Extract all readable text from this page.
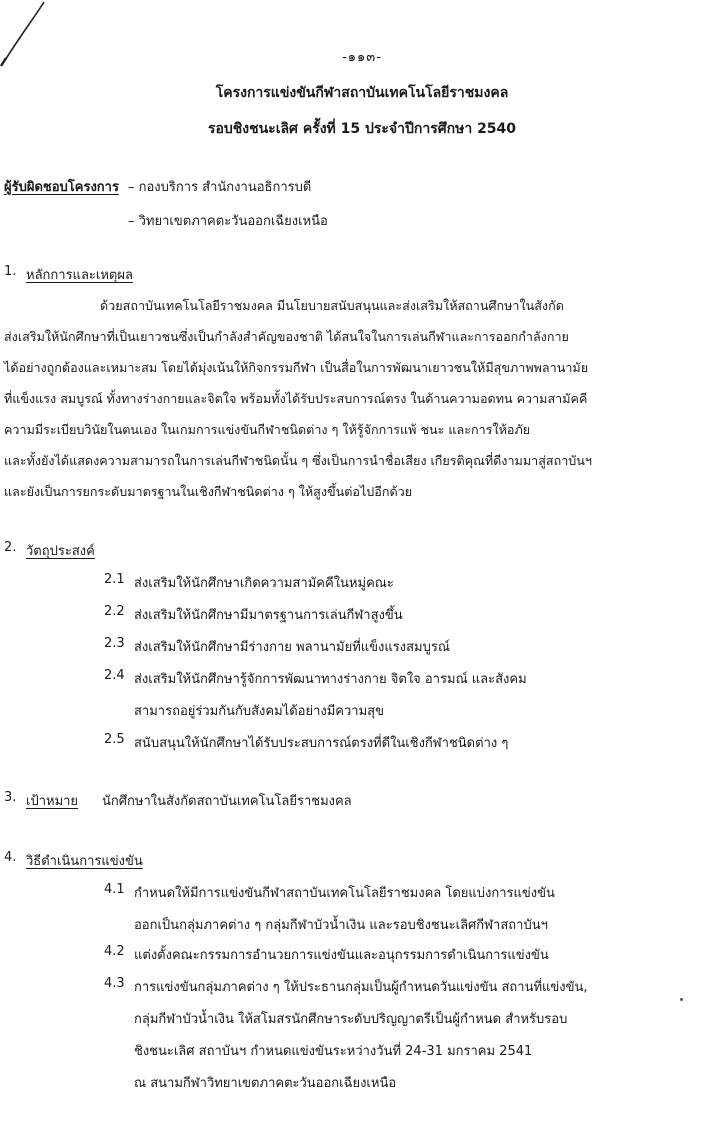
-๑๑๓-
โครงการแข่งขันกีฬาสถาบันเทคโนโลยีราชมงคล
รอบชิงชนะเลิศ ครั้งที่ 15 ประจำปีการศึกษา 2540
ผู้รับผิดชอบโครงการ – กองบริการ สำนักงานอธิการบดี
– วิทยาเขตภาคตะวันออกเฉียงเหนือ
1. หลักการและเหตุผล
ด้วยสถาบันเทคโนโลยีราชมงคล มีนโยบายสนับสนุนและส่งเสริมให้สถานศึกษาในสังกัด
ส่งเสริมให้นักศึกษาที่เป็นเยาวชนซึ่งเป็นกำลังสำคัญของชาติ ได้สนใจในการเล่นกีฬาและการออกกำลังกาย
ได้อย่างถูกต้องและเหมาะสม โดยได้มุ่งเน้นให้กิจกรรมกีฬา เป็นสื่อในการพัฒนาเยาวชนให้มีสุขภาพพลานามัย
ที่แข็งแรง สมบูรณ์ ทั้งทางร่างกายและจิตใจ พร้อมทั้งได้รับประสบการณ์ตรง ในด้านความอดทน ความสามัคคี
ความมีระเบียบวินัยในตนเอง ในเกมการแข่งขันกีฬาชนิดต่าง ๆ ให้รู้จักการแพ้ ชนะ และการให้อภัย
และทั้งยังได้แสดงความสามารถในการเล่นกีฬาชนิดนั้น ๆ ซึ่งเป็นการนำชื่อเสียง เกียรติคุณที่ดีงามมาสู่สถาบันฯ
และยังเป็นการยกระดับมาตรฐานในเชิงกีฬาชนิดต่าง ๆ ให้สูงขึ้นต่อไปอีกด้วย
2. วัตถุประสงค์
2.1 ส่งเสริมให้นักศึกษาเกิดความสามัคคีในหมู่คณะ
2.2 ส่งเสริมให้นักศึกษามีมาตรฐานการเล่นกีฬาสูงขึ้น
2.3 ส่งเสริมให้นักศึกษามีร่างกาย พลานามัยที่แข็งแรงสมบูรณ์
2.4 ส่งเสริมให้นักศึกษารู้จักการพัฒนาทางร่างกาย จิตใจ อารมณ์ และสังคม
สามารถอยู่ร่วมกันกับสังคมได้อย่างมีความสุข
2.5 สนับสนุนให้นักศึกษาได้รับประสบการณ์ตรงที่ดีในเชิงกีฬาชนิดต่าง ๆ
3. เป้าหมาย นักศึกษาในสังกัดสถาบันเทคโนโลยีราชมงคล
4. วิธีดำเนินการแข่งขัน
4.1 กำหนดให้มีการแข่งขันกีฬาสถาบันเทคโนโลยีราชมงคล โดยแบ่งการแข่งขัน
ออกเป็นกลุ่มภาคต่าง ๆ กลุ่มกีฬาบัวน้ำเงิน และรอบชิงชนะเลิศกีฬาสถาบันฯ
4.2 แต่งตั้งคณะกรรมการอำนวยการแข่งขันและอนุกรรมการดำเนินการแข่งขัน
4.3 การแข่งขันกลุ่มภาคต่าง ๆ ให้ประธานกลุ่มเป็นผู้กำหนดวันแข่งขัน สถานที่แข่งขัน,
กลุ่มกีฬาบัวน้ำเงิน ให้สโมสรนักศึกษาระดับปริญญาตรีเป็นผู้กำหนด สำหรับรอบ
ชิงชนะเลิศ สถาบันฯ กำหนดแข่งขันระหว่างวันที่ 24-31 มกราคม 2541
ณ สนามกีฬาวิทยาเขตภาคตะวันออกเฉียงเหนือ
